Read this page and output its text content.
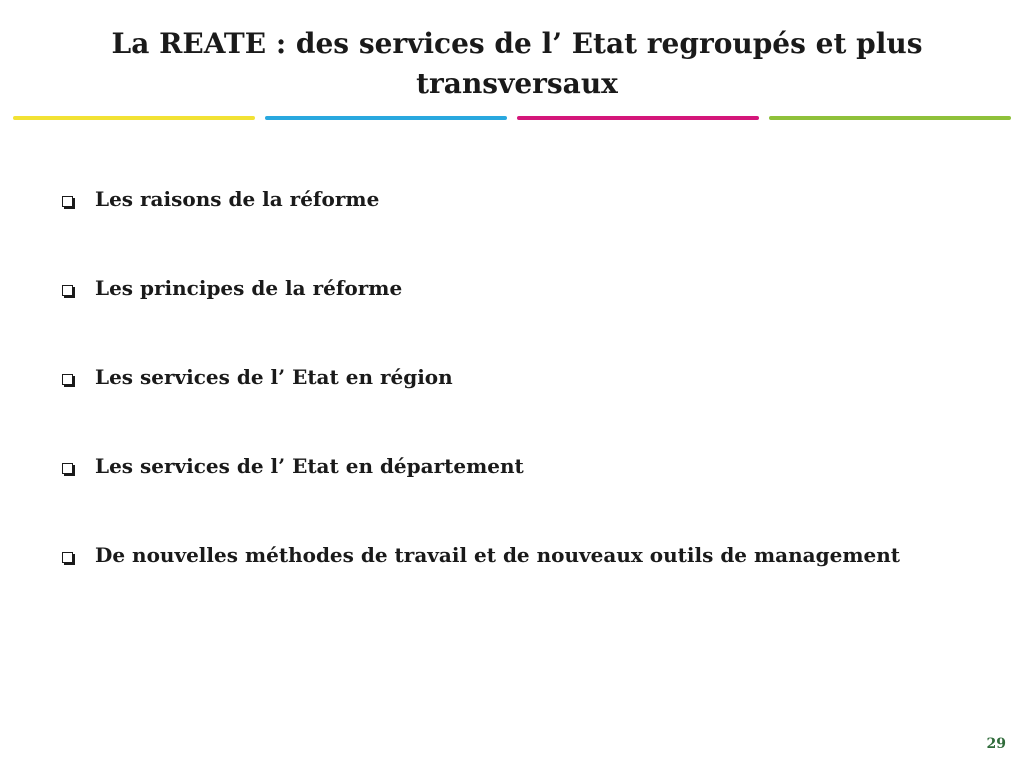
La REATE : des services de l’ Etat regroupés et plus
transversaux
Les raisons de la réforme
Les principes de la réforme
Les services de l’ Etat en région
Les services de l’ Etat en département
De nouvelles méthodes de travail et de nouveaux outils de management
29
